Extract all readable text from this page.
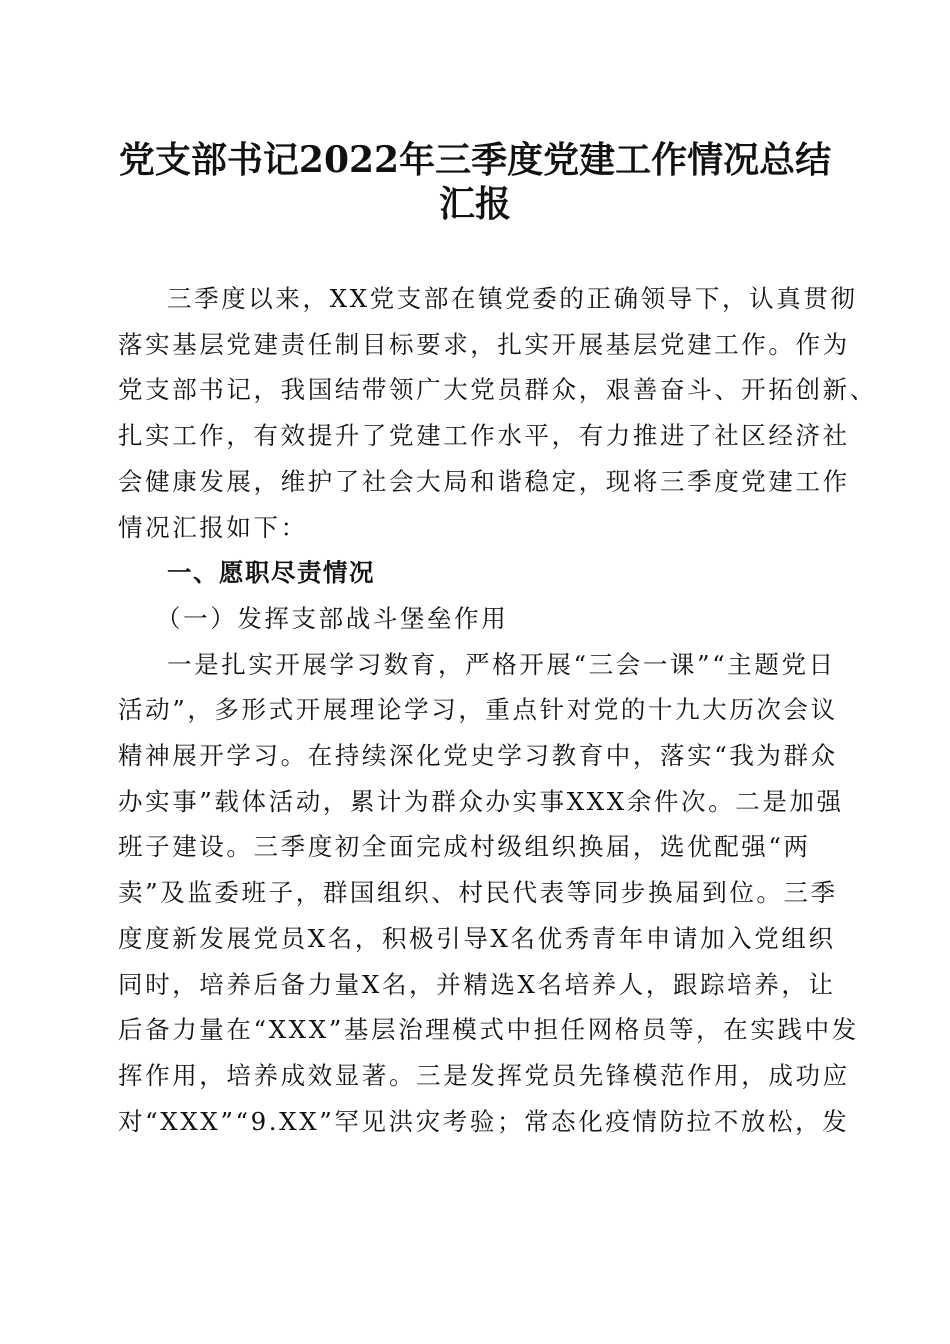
党支部书记2022年三季度党建工作情况总结
汇报
三季度以来，XX党支部在镇党委的正确领导下，认真贯彻
落实基层党建责任制目标要求，扎实开展基层党建工作。作为
党支部书记，我国结带领广大党员群众，艰善奋斗、开拓创新、
扎实工作，有效提升了党建工作水平，有力推进了社区经济社
会健康发展，维护了社会大局和谐稳定，现将三季度党建工作
情况汇报如下：
一、愿职尽责情况
（一）发挥支部战斗堡垒作用
一是扎实开展学习数育，严格开展“三会一课”“主题党日
活动”，多形式开展理论学习，重点针对党的十九大历次会议
精神展开学习。在持续深化党史学习教育中，落实“我为群众
办实事”载体活动，累计为群众办实事XXX余件次。二是加强
班子建设。三季度初全面完成村级组织换届，选优配强“两
卖”及监委班子，群国组织、村民代表等同步换届到位。三季
度度新发展党员X名，积极引导X名优秀青年申请加入党组织
同时，培养后备力量X名，并精选X名培养人，跟踪培养，让
后备力量在“XXX”基层治理模式中担任网格员等，在实践中发
挥作用，培养成效显著。三是发挥党员先锋模范作用，成功应
对“XXX”“9.XX”罕见洪灾考验；常态化疫情防拉不放松，发
